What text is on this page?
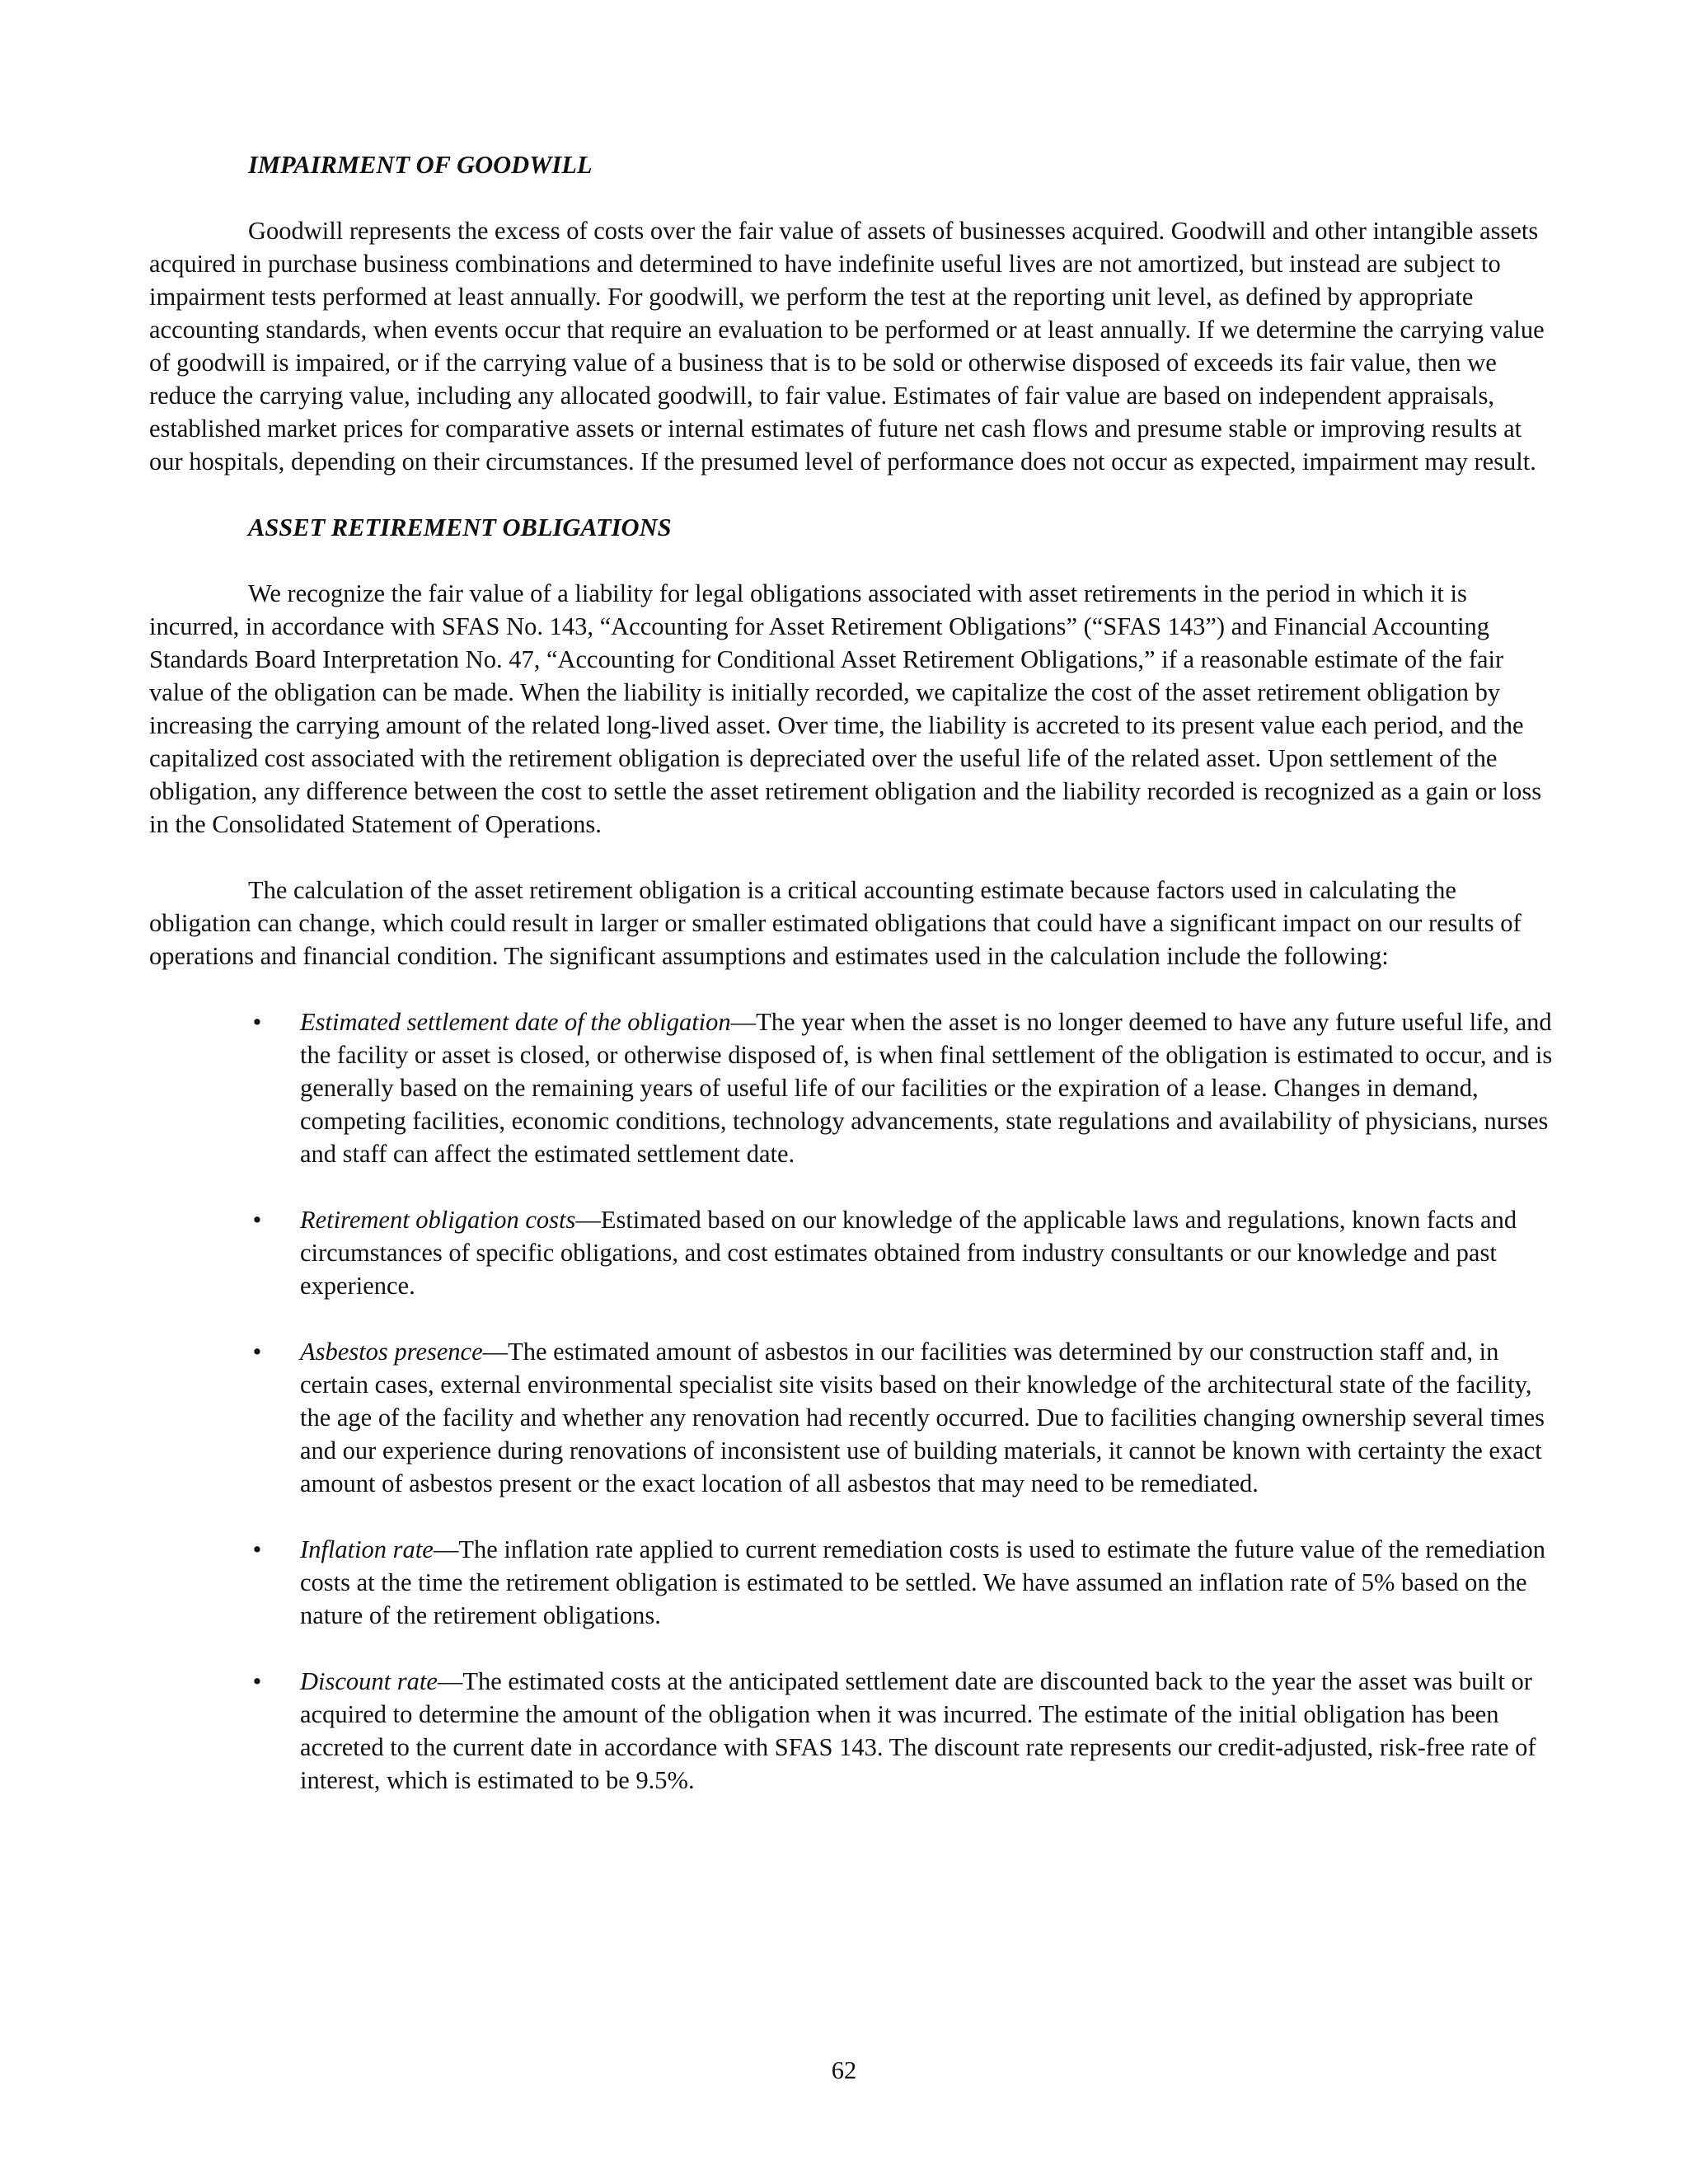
IMPAIRMENT OF GOODWILL

Goodwill represents the excess of costs over the fair value of assets of businesses acquired. Goodwill and other intangible assets acquired in purchase business combinations and determined to have indefinite useful lives are not amortized, but instead are subject to impairment tests performed at least annually. For goodwill, we perform the test at the reporting unit level, as defined by appropriate accounting standards, when events occur that require an evaluation to be performed or at least annually. If we determine the carrying value of goodwill is impaired, or if the carrying value of a business that is to be sold or otherwise disposed of exceeds its fair value, then we reduce the carrying value, including any allocated goodwill, to fair value. Estimates of fair value are based on independent appraisals, established market prices for comparative assets or internal estimates of future net cash flows and presume stable or improving results at our hospitals, depending on their circumstances. If the presumed level of performance does not occur as expected, impairment may result.

ASSET RETIREMENT OBLIGATIONS

We recognize the fair value of a liability for legal obligations associated with asset retirements in the period in which it is incurred, in accordance with SFAS No. 143, “Accounting for Asset Retirement Obligations” (“SFAS 143”) and Financial Accounting Standards Board Interpretation No. 47, “Accounting for Conditional Asset Retirement Obligations,” if a reasonable estimate of the fair value of the obligation can be made. When the liability is initially recorded, we capitalize the cost of the asset retirement obligation by increasing the carrying amount of the related long-lived asset. Over time, the liability is accreted to its present value each period, and the capitalized cost associated with the retirement obligation is depreciated over the useful life of the related asset. Upon settlement of the obligation, any difference between the cost to settle the asset retirement obligation and the liability recorded is recognized as a gain or loss in the Consolidated Statement of Operations.

The calculation of the asset retirement obligation is a critical accounting estimate because factors used in calculating the obligation can change, which could result in larger or smaller estimated obligations that could have a significant impact on our results of operations and financial condition. The significant assumptions and estimates used in the calculation include the following:

• Estimated settlement date of the obligation—The year when the asset is no longer deemed to have any future useful life, and the facility or asset is closed, or otherwise disposed of, is when final settlement of the obligation is estimated to occur, and is generally based on the remaining years of useful life of our facilities or the expiration of a lease. Changes in demand, competing facilities, economic conditions, technology advancements, state regulations and availability of physicians, nurses and staff can affect the estimated settlement date.
• Retirement obligation costs—Estimated based on our knowledge of the applicable laws and regulations, known facts and circumstances of specific obligations, and cost estimates obtained from industry consultants or our knowledge and past experience.
• Asbestos presence—The estimated amount of asbestos in our facilities was determined by our construction staff and, in certain cases, external environmental specialist site visits based on their knowledge of the architectural state of the facility, the age of the facility and whether any renovation had recently occurred. Due to facilities changing ownership several times and our experience during renovations of inconsistent use of building materials, it cannot be known with certainty the exact amount of asbestos present or the exact location of all asbestos that may need to be remediated.
• Inflation rate—The inflation rate applied to current remediation costs is used to estimate the future value of the remediation costs at the time the retirement obligation is estimated to be settled. We have assumed an inflation rate of 5% based on the nature of the retirement obligations.
• Discount rate—The estimated costs at the anticipated settlement date are discounted back to the year the asset was built or acquired to determine the amount of the obligation when it was incurred. The estimate of the initial obligation has been accreted to the current date in accordance with SFAS 143. The discount rate represents our credit-adjusted, risk-free rate of interest, which is estimated to be 9.5%.
62
